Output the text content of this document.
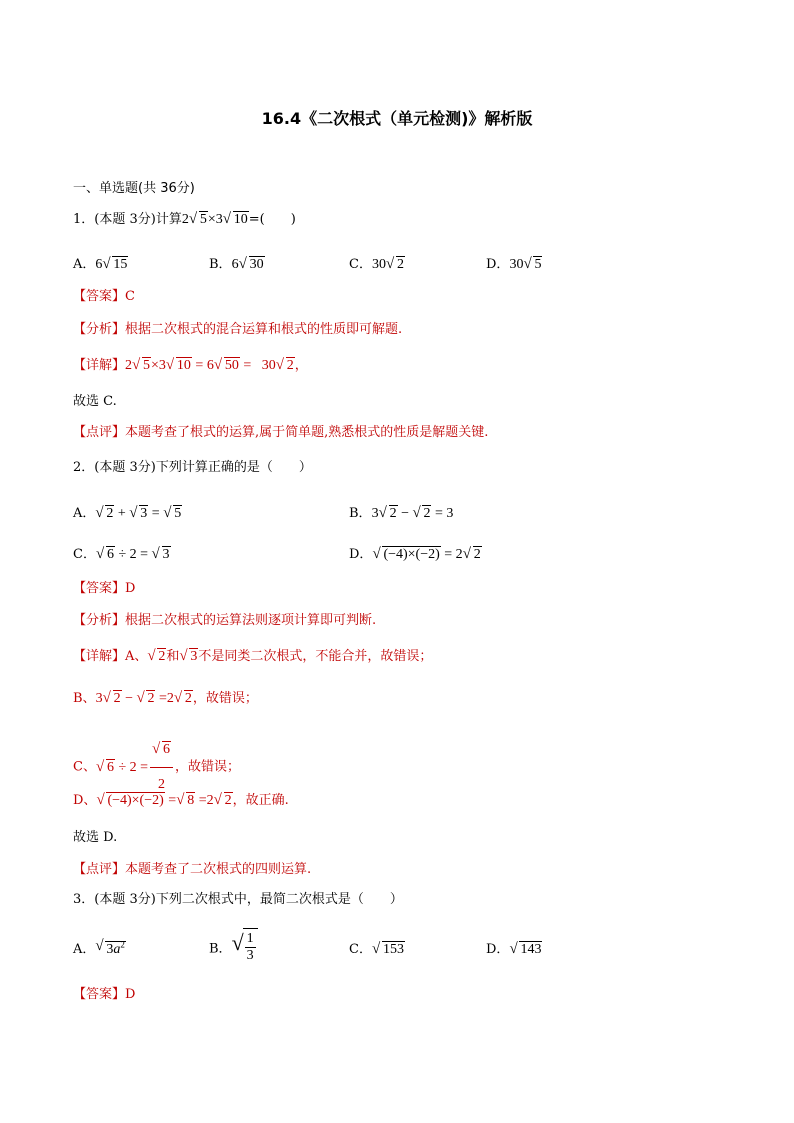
16.4《二次根式（单元检测)》解析版
一、单选题(共 36分)
1．(本题 3分)计算2 √ 5×3 √ 10=(　　)
A．6 √ 15	B．6 √ 30	C．30 √ 2	D．30 √ 5
【答案】C
【分析】根据二次根式的混合运算和根式的性质即可解题.
【详解】2 √ 5×3 √ 10 = 6 √ 50 =   30 √ 2，
故选 C.
【点评】本题考查了根式的运算,属于简单题,熟悉根式的性质是解题关键.
2．(本题 3分)下列计算正确的是（　　）
A． √ 2 + √ 3 = √ 5	B．3 √ 2 − √ 2 = 3
C． √ 6 ÷ 2 = √ 3	D． √ (−4)×(−2) = 2 √ 2
【答案】D
【分析】根据二次根式的运算法则逐项计算即可判断.
【详解】A、 √ 2和 √ 3不是同类二次根式，不能合并，故错误；
B、3 √ 2 − √ 2 =2 √ 2，故错误；
C、 √ 6 ÷ 2 = √ $\frac{6}{2}$ ，故错误；
D、 √ (−4)×(−2) = √ 8 =2 √ 2，故正确.
故选 D.
【点评】本题考查了二次根式的四则运算.
3．(本题 3分)下列二次根式中，最简二次根式是（　　）
A． √ $3a^2$	B． √ $\frac{1}{3}$	C． √ 153	D． √ 143
【答案】D
